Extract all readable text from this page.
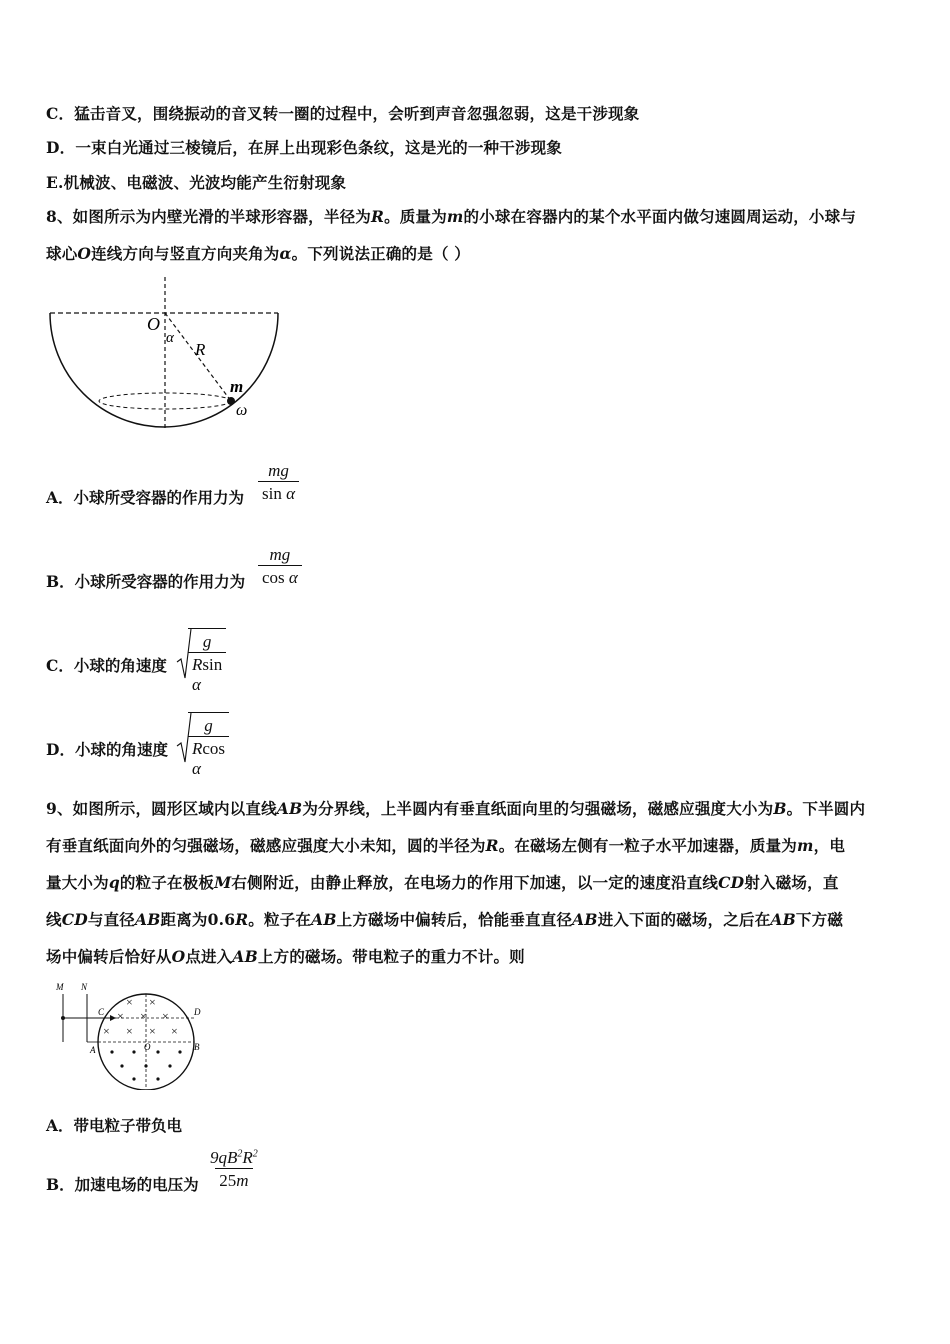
C．猛击音叉，围绕振动的音叉转一圈的过程中，会听到声音忽强忽弱，这是干涉现象
D．一束白光通过三棱镜后，在屏上出现彩色条纹，这是光的一种干涉现象
E.机械波、电磁波、光波均能产生衍射现象
8、如图所示为内壁光滑的半球形容器，半径为R。质量为m的小球在容器内的某个水平面内做匀速圆周运动，小球与
球心O连线方向与竖直方向夹角为α。下列说法正确的是（ ）
O
α
R
m
ω
A．小球所受容器的作用力为 $\frac{mg}{\text{sin α}}$
B．小球所受容器的作用力为 $\frac{mg}{\text{cos α}}$
C．小球的角速度 $\frac{g}{\text{Rsin α}}$
D．小球的角速度 $\frac{g}{\text{Rcos α}}$
9、如图所示，圆形区域内以直线AB为分界线，上半圆内有垂直纸面向里的匀强磁场，磁感应强度大小为B。下半圆内
有垂直纸面向外的匀强磁场，磁感应强度大小未知，圆的半径为R。在磁场左侧有一粒子水平加速器，质量为m，电
量大小为q的粒子在极板M右侧附近，由静止释放，在电场力的作用下加速，以一定的速度沿直线CD射入磁场，直
线CD与直径AB距离为0.6R。粒子在AB上方磁场中偏转后，恰能垂直直径AB进入下面的磁场，之后在AB下方磁
场中偏转后恰好从O点进入AB上方的磁场。带电粒子的重力不计。则
M N
C	D
A	B
O
× ×
× × ×
× × × ×
A．带电粒子带负电
B．加速电场的电压为 $\frac{9qB^2R^2}{25m}$
